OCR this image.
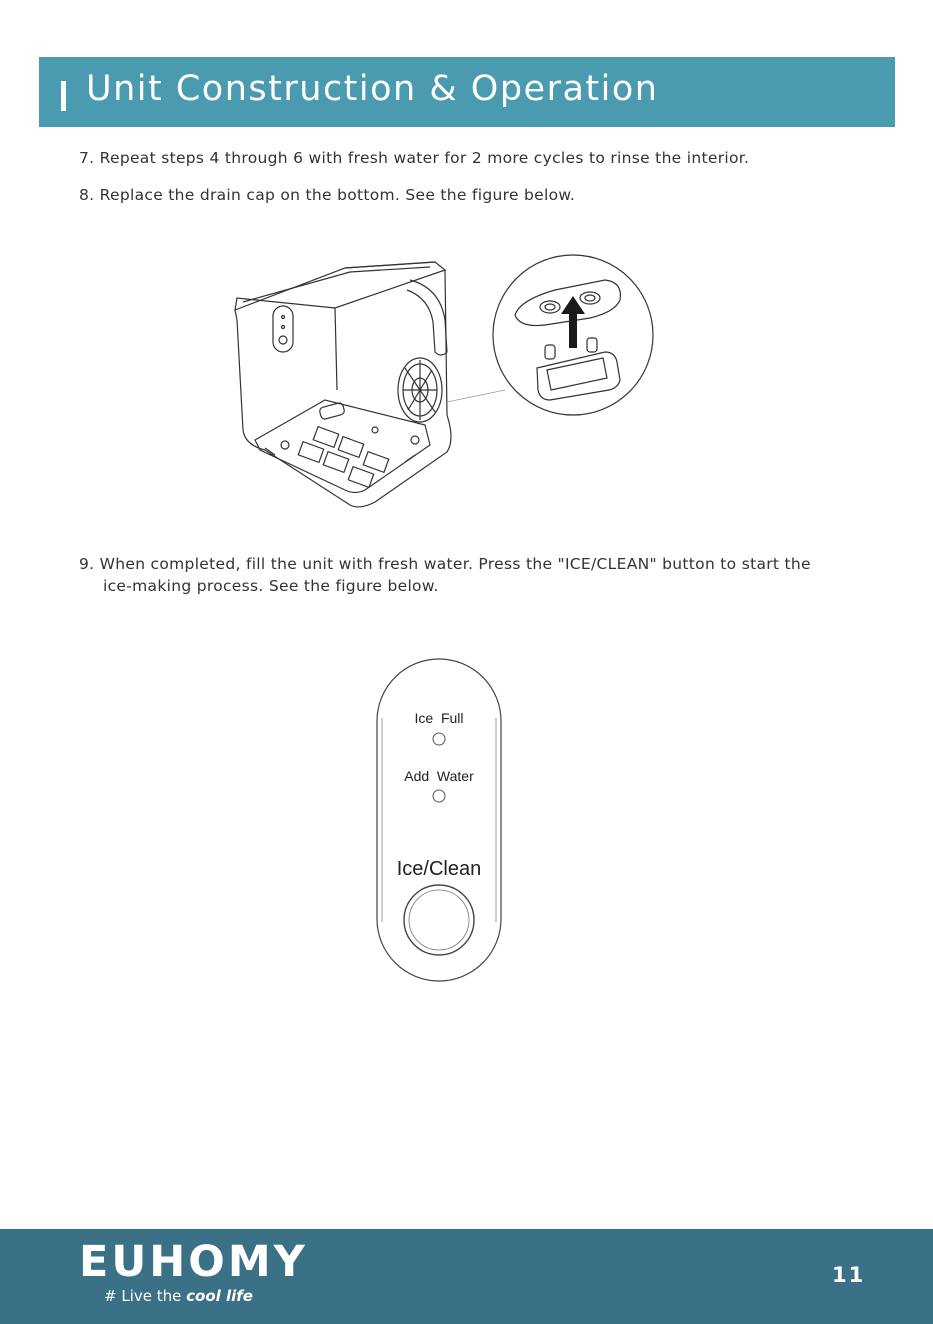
Unit Construction & Operation
7. Repeat steps 4 through 6 with fresh water for 2 more cycles to rinse the interior.
8. Replace the drain cap on the bottom. See the figure below.
9. When completed, fill the unit with fresh water. Press the "ICE/CLEAN" button to start the
ice-making process. See the figure below.
Ice  Full
Add  Water
Ice/Clean
EUHOMY
# Live the cool life
11
